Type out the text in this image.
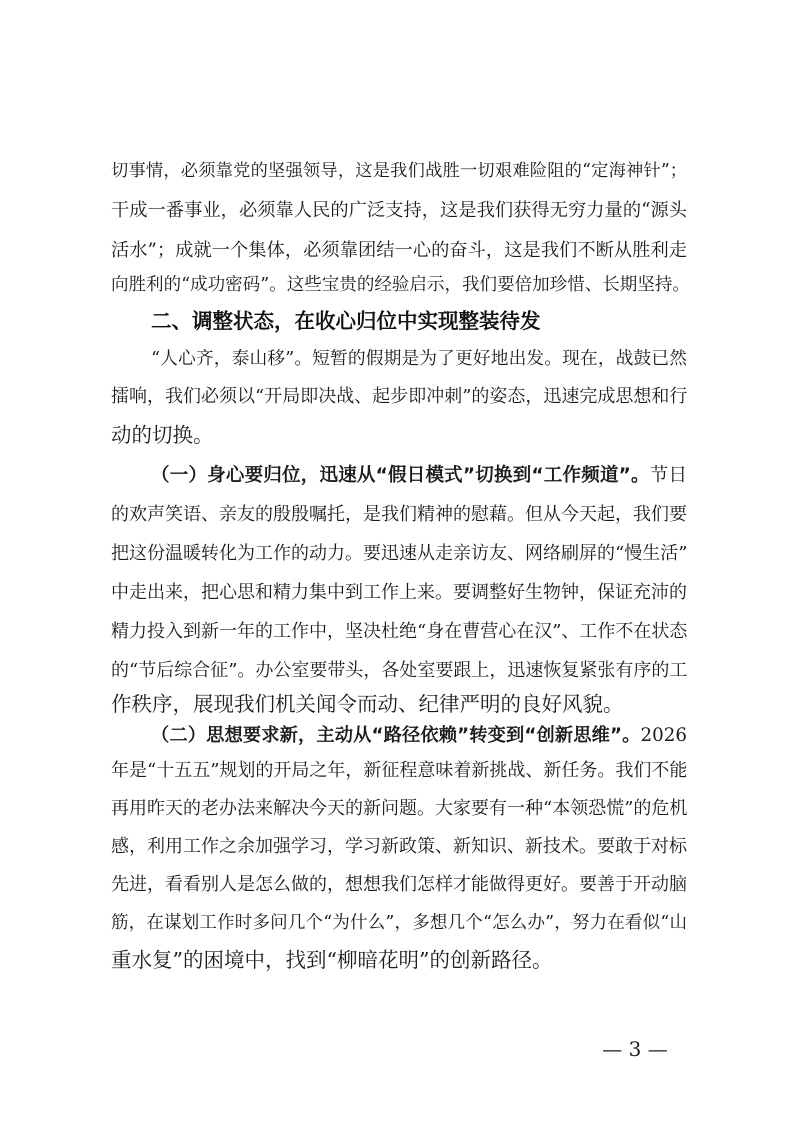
切事情，必须靠党的坚强领导，这是我们战胜一切艰难险阻的“定海神针”；
干成一番事业，必须靠人民的广泛支持，这是我们获得无穷力量的“源头
活水”；成就一个集体，必须靠团结一心的奋斗，这是我们不断从胜利走
向胜利的“成功密码”。这些宝贵的经验启示，我们要倍加珍惜、长期坚持。
二、调整状态，在收心归位中实现整装待发
“人心齐，泰山移”。短暂的假期是为了更好地出发。现在，战鼓已然
擂响，我们必须以“开局即决战、起步即冲刺”的姿态，迅速完成思想和行
动的切换。
（一）身心要归位，迅速从“假日模式”切换到“工作频道”。节日
的欢声笑语、亲友的殷殷嘱托，是我们精神的慰藉。但从今天起，我们要
把这份温暖转化为工作的动力。要迅速从走亲访友、网络刷屏的“慢生活”
中走出来，把心思和精力集中到工作上来。要调整好生物钟，保证充沛的
精力投入到新一年的工作中，坚决杜绝“身在曹营心在汉”、工作不在状态
的“节后综合征”。办公室要带头，各处室要跟上，迅速恢复紧张有序的工
作秩序，展现我们机关闻令而动、纪律严明的良好风貌。
（二）思想要求新，主动从“路径依赖”转变到“创新思维”。2026
年是“十五五”规划的开局之年，新征程意味着新挑战、新任务。我们不能
再用昨天的老办法来解决今天的新问题。大家要有一种“本领恐慌”的危机
感，利用工作之余加强学习，学习新政策、新知识、新技术。要敢于对标
先进，看看别人是怎么做的，想想我们怎样才能做得更好。要善于开动脑
筋，在谋划工作时多问几个“为什么”，多想几个“怎么办”，努力在看似“山
重水复”的困境中，找到“柳暗花明”的创新路径。
— 3 —
